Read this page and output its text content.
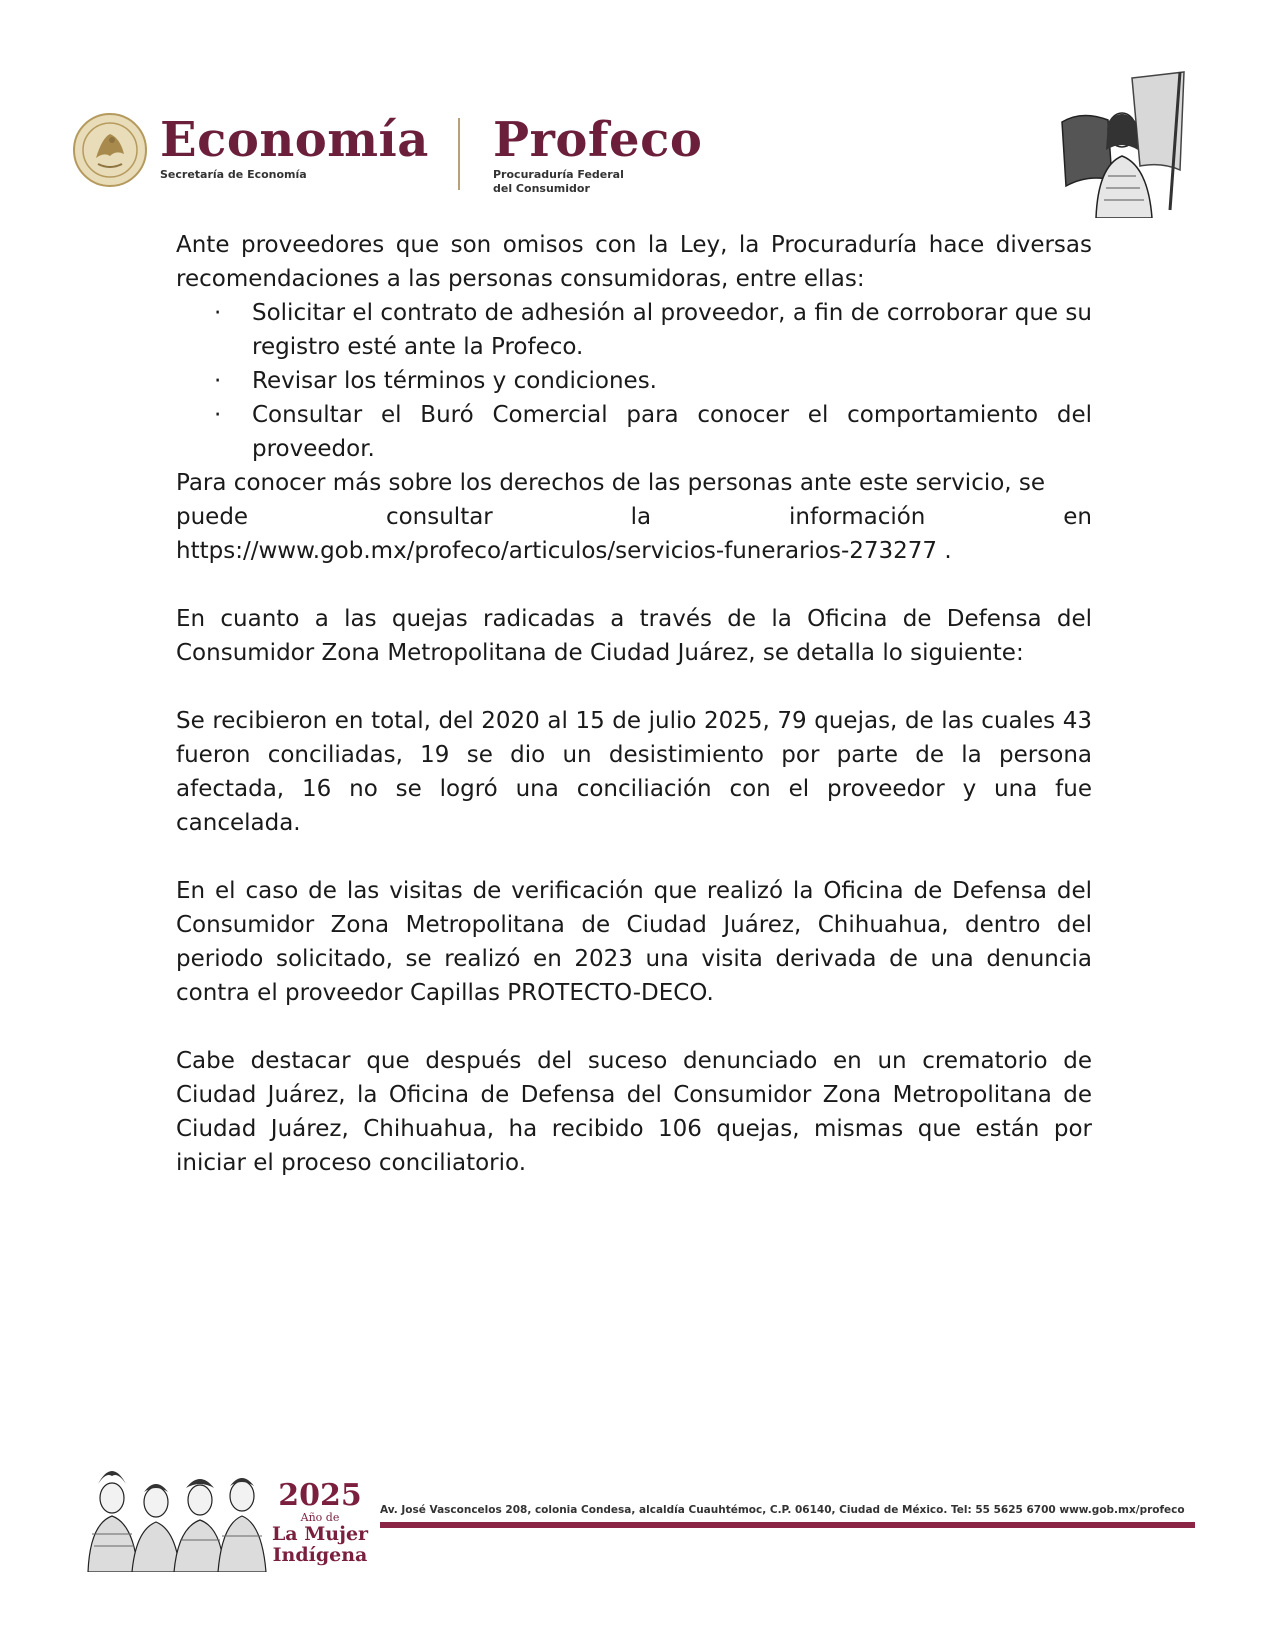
Economía
Secretaría de Economía
Profeco
Procuraduría Federal
del Consumidor

Ante proveedores que son omisos con la Ley, la Procuraduría hace diversas recomendaciones a las personas consumidoras, entre ellas:

· Solicitar el contrato de adhesión al proveedor, a fin de corroborar que su registro esté ante la Profeco.
· Revisar los términos y condiciones.
· Consultar el Buró Comercial para conocer el comportamiento del proveedor.

Para conocer más sobre los derechos de las personas ante este servicio, se
puede	consultar	la	información	en
https://www.gob.mx/profeco/articulos/servicios-funerarios-273277 .

En cuanto a las quejas radicadas a través de la Oficina de Defensa del Consumidor Zona Metropolitana de Ciudad Juárez, se detalla lo siguiente:

Se recibieron en total, del 2020 al 15 de julio 2025, 79 quejas, de las cuales 43 fueron conciliadas, 19 se dio un desistimiento por parte de la persona afectada, 16 no se logró una conciliación con el proveedor y una fue cancelada.

En el caso de las visitas de verificación que realizó la Oficina de Defensa del Consumidor Zona Metropolitana de Ciudad Juárez, Chihuahua, dentro del periodo solicitado, se realizó en 2023 una visita derivada de una denuncia contra el proveedor Capillas PROTECTO-DECO.

Cabe destacar que después del suceso denunciado en un crematorio de Ciudad Juárez, la Oficina de Defensa del Consumidor Zona Metropolitana de Ciudad Juárez, Chihuahua, ha recibido 106 quejas, mismas que están por iniciar el proceso conciliatorio.

2025
Año de
La Mujer
Indígena
Av. José Vasconcelos 208, colonia Condesa, alcaldía Cuauhtémoc, C.P. 06140, Ciudad de México. Tel: 55 5625 6700 www.gob.mx/profeco
